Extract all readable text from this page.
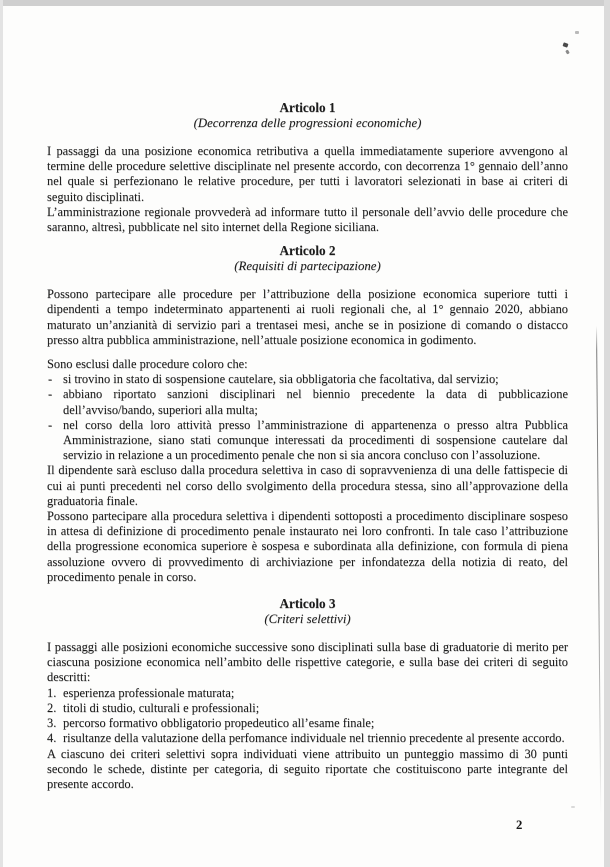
Articolo 1
(Decorrenza delle progressioni economiche)

I passaggi da una posizione economica retributiva a quella immediatamente superiore avvengono al termine delle procedure selettive disciplinate nel presente accordo, con decorrenza 1° gennaio dell’anno nel quale si perfezionano le relative procedure, per tutti i lavoratori selezionati in base ai criteri di seguito disciplinati.

L’amministrazione regionale provvederà ad informare tutto il personale dell’avvio delle procedure che saranno, altresì, pubblicate nel sito internet della Regione siciliana.

Articolo 2
(Requisiti di partecipazione)

Possono partecipare alle procedure per l’attribuzione della posizione economica superiore tutti i dipendenti a tempo indeterminato appartenenti ai ruoli regionali che, al 1° gennaio 2020, abbiano maturato un’anzianità di servizio pari a trentasei mesi, anche se in posizione di comando o distacco presso altra pubblica amministrazione, nell’attuale posizione economica in godimento.

Sono esclusi dalle procedure coloro che:

- si trovino in stato di sospensione cautelare, sia obbligatoria che facoltativa, dal servizio;
- abbiano riportato sanzioni disciplinari nel biennio precedente la data di pubblicazione dell’avviso/bando, superiori alla multa;
- nel corso della loro attività presso l’amministrazione di appartenenza o presso altra Pubblica Amministrazione, siano stati comunque interessati da procedimenti di sospensione cautelare dal servizio in relazione a un procedimento penale che non si sia ancora concluso con l’assoluzione.

Il dipendente sarà escluso dalla procedura selettiva in caso di sopravvenienza di una delle fattispecie di cui ai punti precedenti nel corso dello svolgimento della procedura stessa, sino all’approvazione della graduatoria finale.

Possono partecipare alla procedura selettiva i dipendenti sottoposti a procedimento disciplinare sospeso in attesa di definizione di procedimento penale instaurato nei loro confronti. In tale caso l’attribuzione della progressione economica superiore è sospesa e subordinata alla definizione, con formula di piena assoluzione ovvero di provvedimento di archiviazione per infondatezza della notizia di reato, del procedimento penale in corso.

Articolo 3
(Criteri selettivi)

I passaggi alle posizioni economiche successive sono disciplinati sulla base di graduatorie di merito per ciascuna posizione economica nell’ambito delle rispettive categorie, e sulla base dei criteri di seguito descritti:

1. esperienza professionale maturata;
2. titoli di studio, culturali e professionali;
3. percorso formativo obbligatorio propedeutico all’esame finale;
4. risultanze della valutazione della perfomance individuale nel triennio precedente al presente accordo.

A ciascuno dei criteri selettivi sopra individuati viene attribuito un punteggio massimo di 30 punti secondo le schede, distinte per categoria, di seguito riportate che costituiscono parte integrante del presente accordo.

2
